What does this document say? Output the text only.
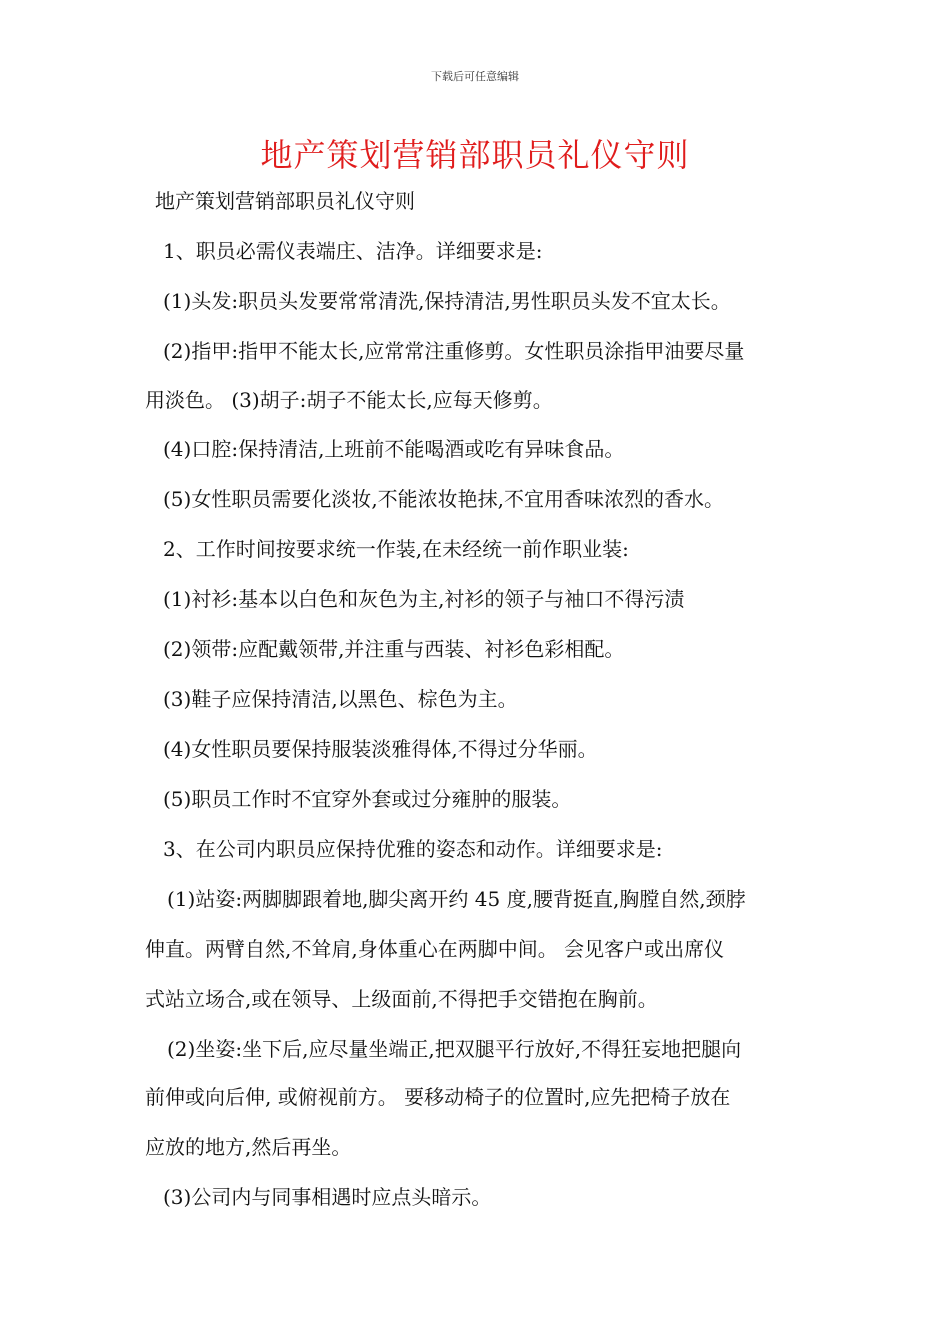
下载后可任意编辑
地产策划营销部职员礼仪守则
地产策划营销部职员礼仪守则
1、职员必需仪表端庄、洁净。详细要求是:
(1)头发:职员头发要常常清洗,保持清洁,男性职员头发不宜太长。
(2)指甲:指甲不能太长,应常常注重修剪。女性职员涂指甲油要尽量
用淡色。 (3)胡子:胡子不能太长,应每天修剪。
(4)口腔:保持清洁,上班前不能喝酒或吃有异味食品。
(5)女性职员需要化淡妆,不能浓妆艳抹,不宜用香味浓烈的香水。
2、工作时间按要求统一作装,在未经统一前作职业装:
(1)衬衫:基本以白色和灰色为主,衬衫的领子与袖口不得污渍
(2)领带:应配戴领带,并注重与西装、衬衫色彩相配。
(3)鞋子应保持清洁,以黑色、棕色为主。
(4)女性职员要保持服装淡雅得体,不得过分华丽。
(5)职员工作时不宜穿外套或过分雍肿的服装。
3、在公司内职员应保持优雅的姿态和动作。详细要求是:
(1)站姿:两脚脚跟着地,脚尖离开约 45 度,腰背挺直,胸膛自然,颈脖
伸直。两臂自然,不耸肩,身体重心在两脚中间。 会见客户或出席仪
式站立场合,或在领导、上级面前,不得把手交错抱在胸前。
(2)坐姿:坐下后,应尽量坐端正,把双腿平行放好,不得狂妄地把腿向
前伸或向后伸, 或俯视前方。 要移动椅子的位置时,应先把椅子放在
应放的地方,然后再坐。
(3)公司内与同事相遇时应点头暗示。
